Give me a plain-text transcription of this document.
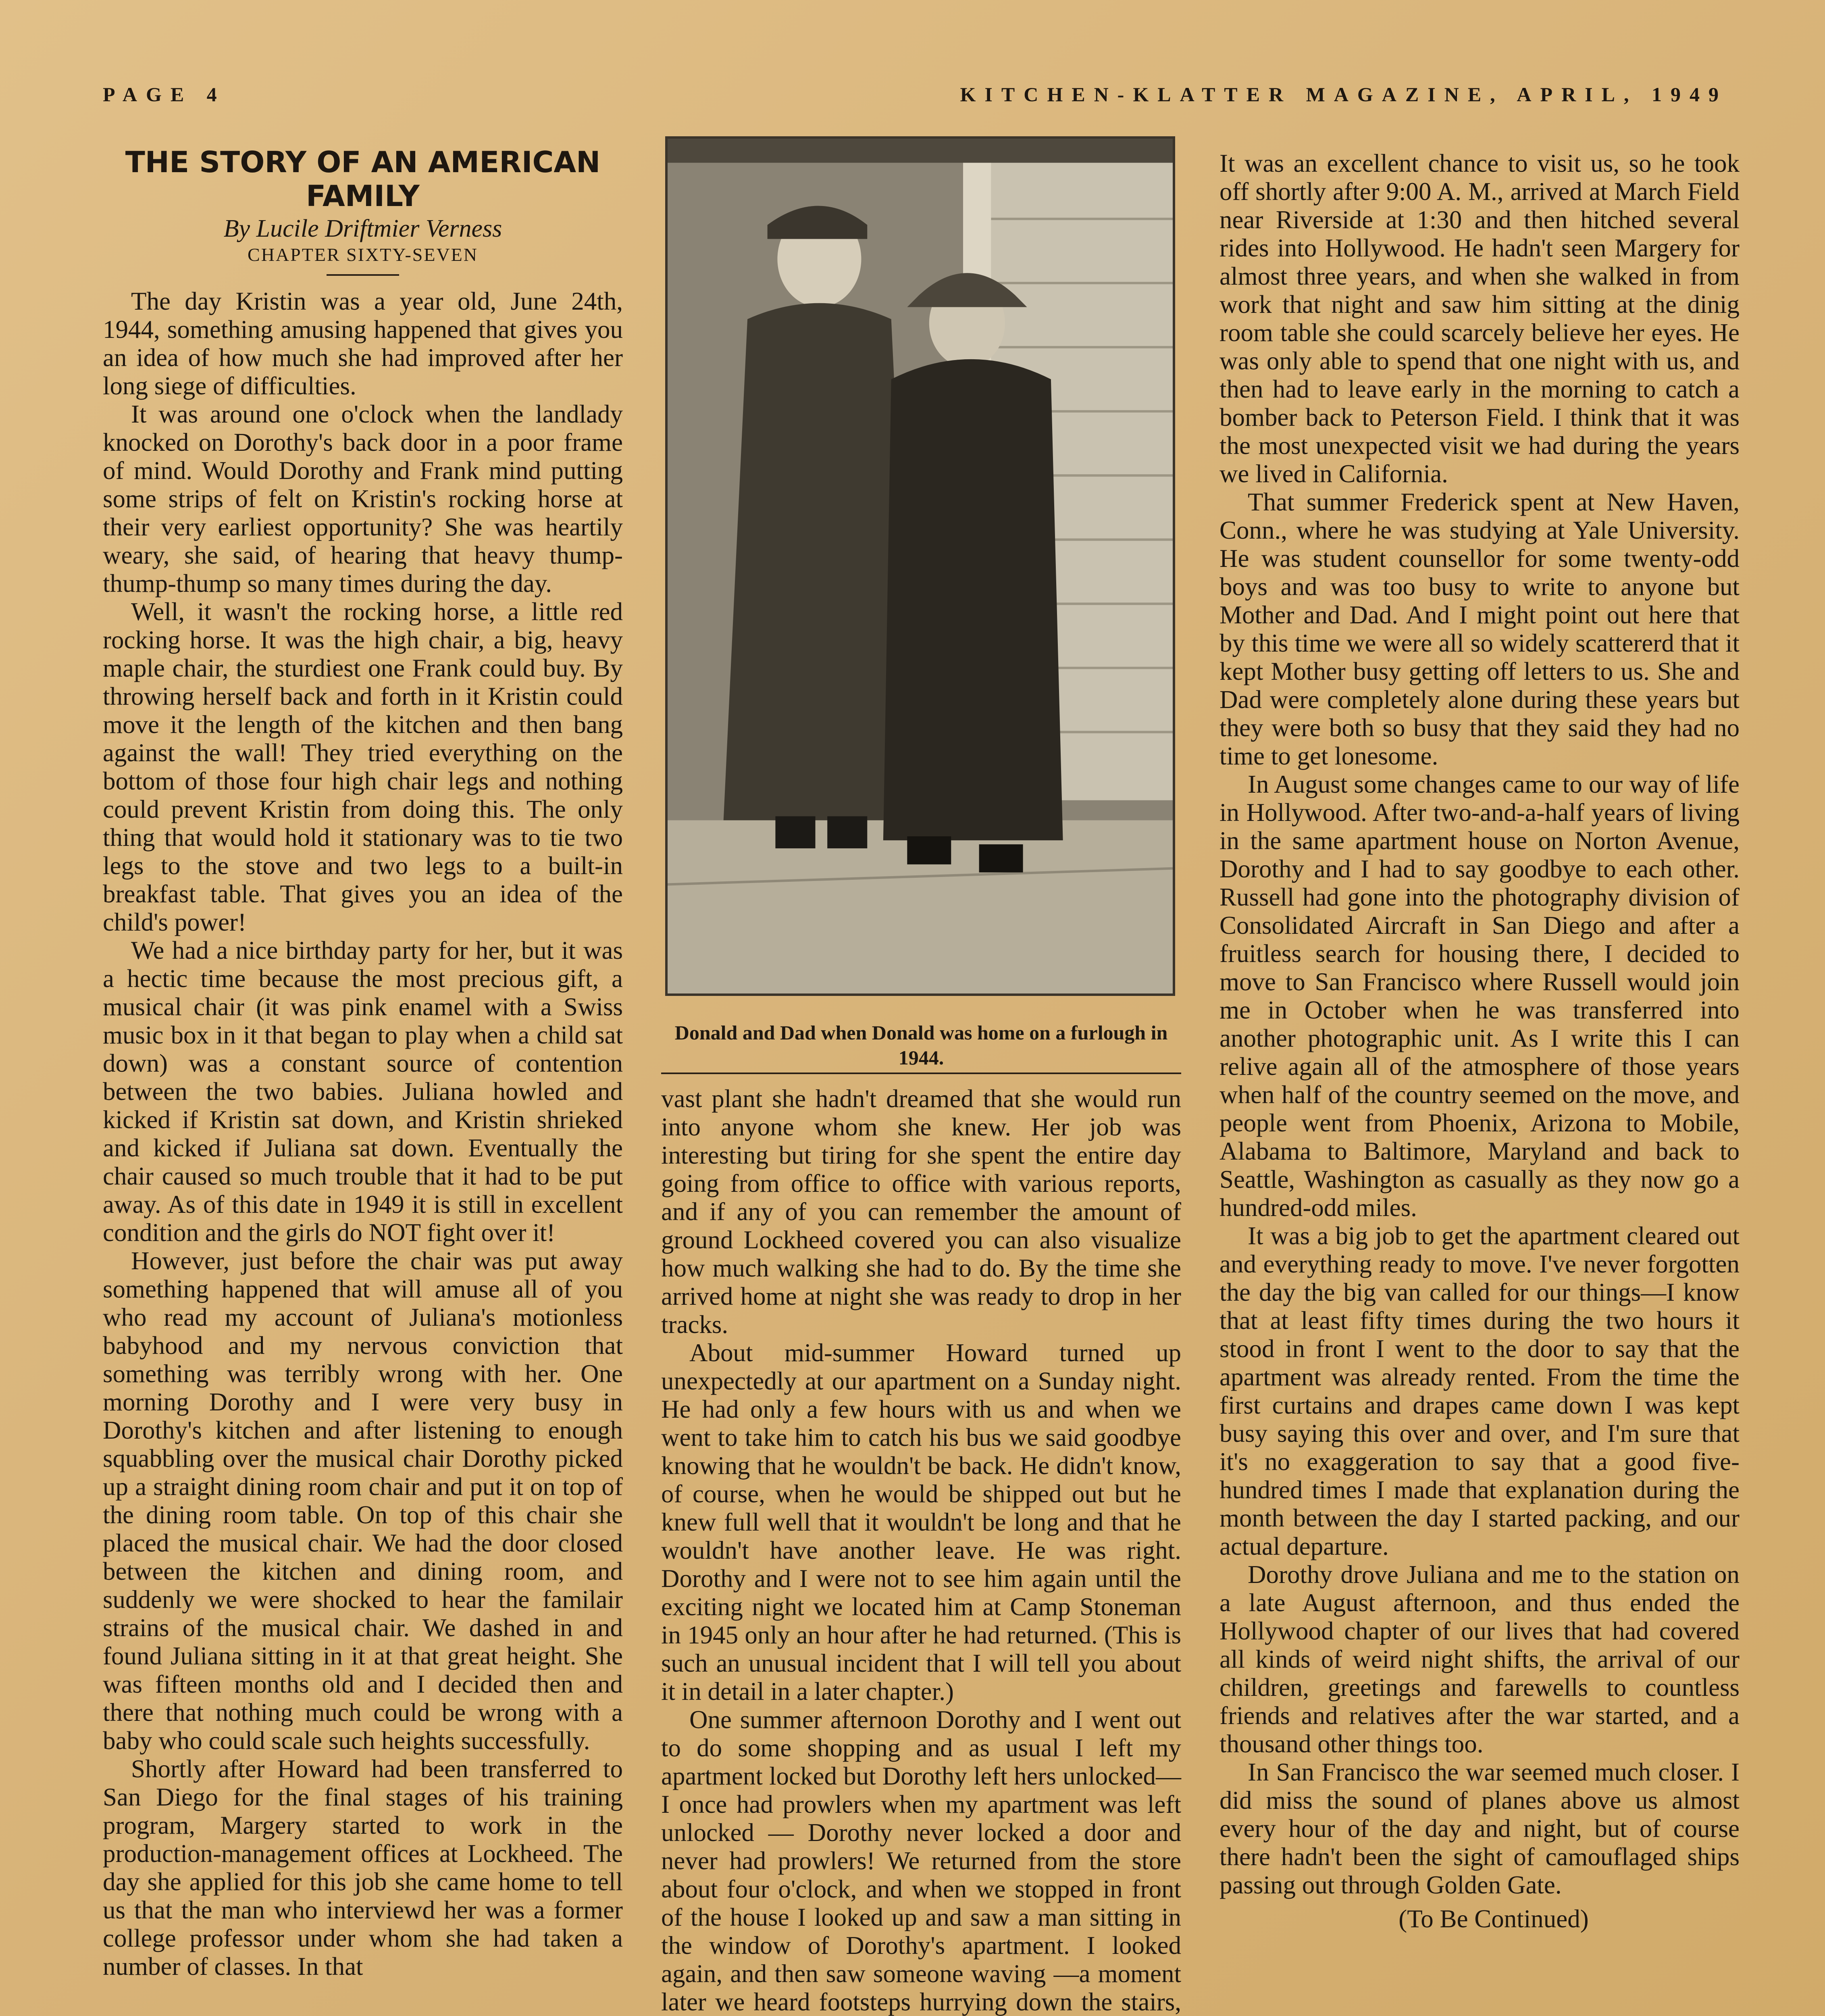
PAGE 4	KITCHEN-KLATTER MAGAZINE, APRIL, 1949
THE STORY OF AN AMERICAN FAMILY
By Lucile Driftmier Verness
CHAPTER SIXTY-SEVEN

The day Kristin was a year old, June 24th, 1944, something amusing happened that gives you an idea of how much she had improved after her long siege of difficulties.

It was around one o'clock when the landlady knocked on Dorothy's back door in a poor frame of mind. Would Dorothy and Frank mind putting some strips of felt on Kristin's rocking horse at their very earliest opportunity? She was heartily weary, she said, of hearing that heavy thump-thump-thump so many times during the day.

Well, it wasn't the rocking horse, a little red rocking horse. It was the high chair, a big, heavy maple chair, the sturdiest one Frank could buy. By throwing herself back and forth in it Kristin could move it the length of the kitchen and then bang against the wall! They tried everything on the bottom of those four high chair legs and nothing could prevent Kristin from doing this. The only thing that would hold it stationary was to tie two legs to the stove and two legs to a built-in breakfast table. That gives you an idea of the child's power!

We had a nice birthday party for her, but it was a hectic time because the most precious gift, a musical chair (it was pink enamel with a Swiss music box in it that began to play when a child sat down) was a constant source of contention between the two babies. Juliana howled and kicked if Kristin sat down, and Kristin shrieked and kicked if Juliana sat down. Eventually the chair caused so much trouble that it had to be put away. As of this date in 1949 it is still in excellent condition and the girls do NOT fight over it!

However, just before the chair was put away something happened that will amuse all of you who read my account of Juliana's motionless babyhood and my nervous conviction that something was terribly wrong with her. One morning Dorothy and I were very busy in Dorothy's kitchen and after listening to enough squabbling over the musical chair Dorothy picked up a straight dining room chair and put it on top of the dining room table. On top of this chair she placed the musical chair. We had the door closed between the kitchen and dining room, and suddenly we were shocked to hear the familair strains of the musical chair. We dashed in and found Juliana sitting in it at that great height. She was fifteen months old and I decided then and there that nothing much could be wrong with a baby who could scale such heights successfully.

Shortly after Howard had been transferred to San Diego for the final stages of his training program, Margery started to work in the production-management offices at Lockheed. The day she applied for this job she came home to tell us that the man who interviewd her was a former college professor under whom she had taken a number of classes. In that

Donald and Dad when Donald was home on a furlough in 1944.

vast plant she hadn't dreamed that she would run into anyone whom she knew. Her job was interesting but tiring for she spent the entire day going from office to office with various reports, and if any of you can remember the amount of ground Lockheed covered you can also visualize how much walking she had to do. By the time she arrived home at night she was ready to drop in her tracks.

About mid-summer Howard turned up unexpectedly at our apartment on a Sunday night. He had only a few hours with us and when we went to take him to catch his bus we said goodbye knowing that he wouldn't be back. He didn't know, of course, when he would be shipped out but he knew full well that it wouldn't be long and that he wouldn't have another leave. He was right. Dorothy and I were not to see him again until the exciting night we located him at Camp Stoneman in 1945 only an hour after he had returned. (This is such an unusual incident that I will tell you about it in detail in a later chapter.)

One summer afternoon Dorothy and I went out to do some shopping and as usual I left my apartment locked but Dorothy left hers unlocked—I once had prowlers when my apartment was left unlocked — Dorothy never locked a door and never had prowlers! We returned from the store about four o'clock, and when we stopped in front of the house I looked up and saw a man sitting in the window of Dorothy's apartment. I looked again, and then saw someone waving —a moment later we heard footsteps hurrying down the stairs,

It was an excellent chance to visit us, so he took off shortly after 9:00 A. M., arrived at March Field near Riverside at 1:30 and then hitched several rides into Hollywood. He hadn't seen Margery for almost three years, and when she walked in from work that night and saw him sitting at the dinig room table she could scarcely believe her eyes. He was only able to spend that one night with us, and then had to leave early in the morning to catch a bomber back to Peterson Field. I think that it was the most unexpected visit we had during the years we lived in California.

That summer Frederick spent at New Haven, Conn., where he was studying at Yale University. He was student counsellor for some twenty-odd boys and was too busy to write to anyone but Mother and Dad. And I might point out here that by this time we were all so widely scattererd that it kept Mother busy getting off letters to us. She and Dad were completely alone during these years but they were both so busy that they said they had no time to get lonesome.

In August some changes came to our way of life in Hollywood. After two-and-a-half years of living in the same apartment house on Norton Avenue, Dorothy and I had to say goodbye to each other. Russell had gone into the photography division of Consolidated Aircraft in San Diego and after a fruitless search for housing there, I decided to move to San Francisco where Russell would join me in October when he was transferred into another photographic unit. As I write this I can relive again all of the atmosphere of those years when half of the country seemed on the move, and people went from Phoenix, Arizona to Mobile, Alabama to Baltimore, Maryland and back to Seattle, Washington as casually as they now go a hundred-odd miles.

It was a big job to get the apartment cleared out and everything ready to move. I've never forgotten the day the big van called for our things—I know that at least fifty times during the two hours it stood in front I went to the door to say that the apartment was already rented. From the time the first curtains and drapes came down I was kept busy saying this over and over, and I'm sure that it's no exaggeration to say that a good five-hundred times I made that explanation during the month between the day I started packing, and our actual departure.

Dorothy drove Juliana and me to the station on a late August afternoon, and thus ended the Hollywood chapter of our lives that had covered all kinds of weird night shifts, the arrival of our children, greetings and farewells to countless friends and relatives after the war started, and a thousand other things too.

In San Francisco the war seemed much closer. I did miss the sound of planes above us almost every hour of the day and night, but of course there hadn't been the sight of camouflaged ships passing out through Golden Gate.

(To Be Continued)
